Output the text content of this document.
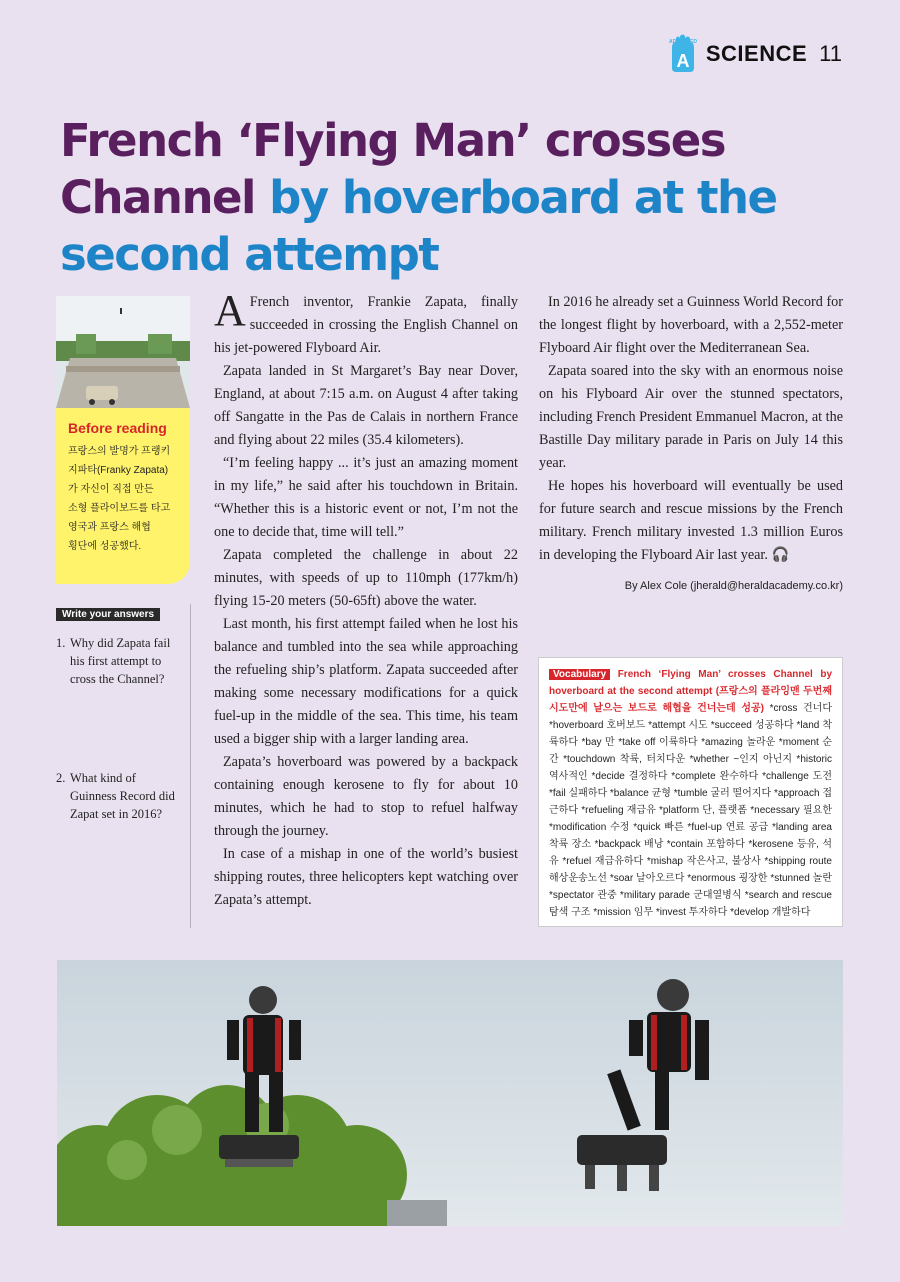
A
ADVANCED SCIENCE 11
French ‘Flying Man’ crosses Channel by hoverboard at the second attempt
Before reading
프랑스의 발명가 프랭키
지파타(Franky Zapata)
가 자신이 직접 만든
소형 플라이보드를 타고
영국과 프랑스 해협
횡단에 성공했다.
Write your answers
1. Why did Zapata fail his first attempt to cross the Channel?
2. What kind of Guinness Record did Zapat set in 2016?

A French inventor, Frankie Zapata, finally succeeded in crossing the English Channel on his jet-powered Flyboard Air.

Zapata landed in St Margaret’s Bay near Dover, England, at about 7:15 a.m. on August 4 after taking off Sangatte in the Pas de Calais in northern France and flying about 22 miles (35.4 kilometers).

“I’m feeling happy ... it’s just an amazing moment in my life,” he said after his touchdown in Britain. “Whether this is a historic event or not, I’m not the one to decide that, time will tell.”

Zapata completed the challenge in about 22 minutes, with speeds of up to 110mph (177km/h) flying 15-20 meters (50-65ft) above the water.

Last month, his first attempt failed when he lost his balance and tumbled into the sea while approaching the refueling ship’s platform. Zapata succeeded after making some necessary modifications for a quick fuel-up in the middle of the sea. This time, his team used a bigger ship with a larger landing area.

Zapata’s hoverboard was powered by a backpack containing enough kerosene to fly for about 10 minutes, which he had to stop to refuel halfway through the journey.

In case of a mishap in one of the world’s busiest shipping routes, three helicopters kept watching over Zapata’s attempt.

In 2016 he already set a Guinness World Record for the longest flight by hoverboard, with a 2,552-meter Flyboard Air flight over the Mediterranean Sea.

Zapata soared into the sky with an enormous noise on his Flyboard Air over the stunned spectators, including French President Emmanuel Macron, at the Bastille Day military parade in Paris on July 14 this year.

He hopes his hoverboard will eventually be used for future search and rescue missions by the French military. French military invested 1.3 million Euros in developing the Flyboard Air last year. 🎧

By Alex Cole (jherald@heraldacademy.co.kr)
Vocabulary French ‘Flying Man’ crosses Channel by hoverboard at the second attempt (프랑스의 플라잉맨 두번째 시도만에 날으는 보드로 해협을 건너는데 성공) *cross 건너다 *hoverboard 호버보드 *attempt 시도 *succeed 성공하다 *land 착륙하다 *bay 만 *take off 이륙하다 *amazing 놀라운 *moment 순간 *touchdown 착륙, 터치다운 *whether ~인지 아닌지 *historic 역사적인 *decide 결정하다 *complete 완수하다 *challenge 도전 *fail 실패하다 *balance 균형 *tumble 굴러 떨어지다 *approach 접근하다 *refueling 재급유 *platform 단, 플랫폼 *necessary 필요한 *modification 수정 *quick 빠른 *fuel-up 연료 공급 *landing area 착륙 장소 *backpack 배낭 *contain 포함하다 *kerosene 등유, 석유 *refuel 재급유하다 *mishap 작은사고, 불상사 *shipping route 해상운송노선 *soar 날아오르다 *enormous 굉장한 *stunned 놀란 *spectator 관중 *military parade 군대열병식 *search and rescue 탐색 구조 *mission 임무 *invest 투자하다 *develop 개발하다
